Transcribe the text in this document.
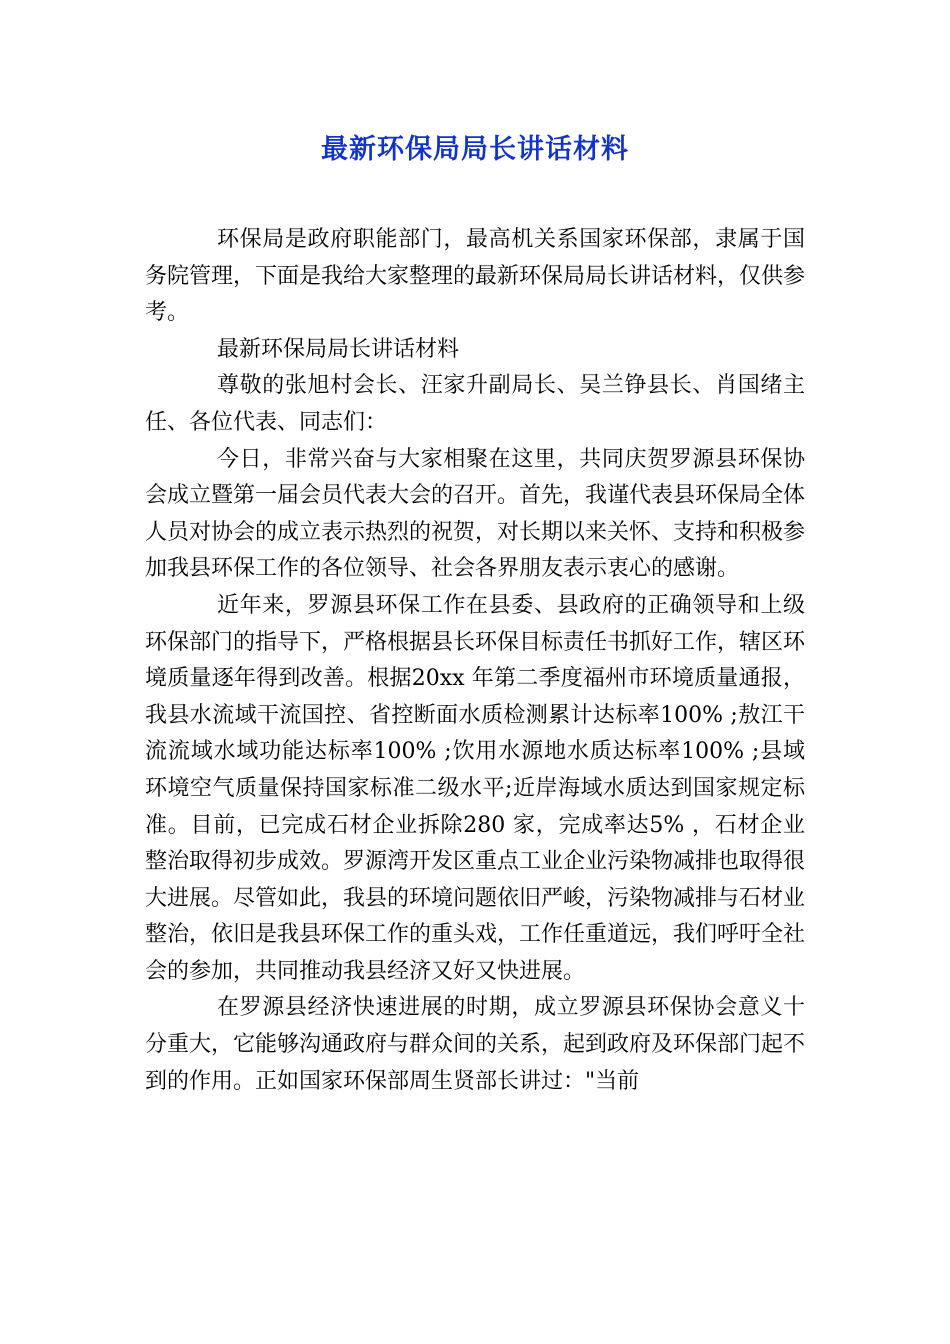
最新环保局局长讲话材料

环保局是政府职能部门，最高机关系国家环保部，隶属于国务院管理，下面是我给大家整理的最新环保局局长讲话材料，仅供参考。

最新环保局局长讲话材料

尊敬的张旭村会长、汪家升副局长、吴兰铮县长、肖国绪主任、各位代表、同志们：

今日，非常兴奋与大家相聚在这里，共同庆贺罗源县环保协会成立暨第一届会员代表大会的召开。首先，我谨代表县环保局全体人员对协会的成立表示热烈的祝贺，对长期以来关怀、支持和积极参加我县环保工作的各位领导、社会各界朋友表示衷心的感谢。

近年来，罗源县环保工作在县委、县政府的正确领导和上级环保部门的指导下，严格根据县长环保目标责任书抓好工作，辖区环境质量逐年得到改善。根据20xx 年第二季度福州市环境质量通报，我县水流域干流国控、省控断面水质检测累计达标率100% ;敖江干流流域水域功能达标率100% ;饮用水源地水质达标率100% ;县域环境空气质量保持国家标准二级水平;近岸海域水质达到国家规定标准。目前，已完成石材企业拆除280 家，完成率达5% ，石材企业整治取得初步成效。罗源湾开发区重点工业企业污染物减排也取得很大进展。尽管如此，我县的环境问题依旧严峻，污染物减排与石材业整治，依旧是我县环保工作的重头戏，工作任重道远，我们呼吁全社会的参加，共同推动我县经济又好又快进展。

在罗源县经济快速进展的时期，成立罗源县环保协会意义十分重大，它能够沟通政府与群众间的关系，起到政府及环保部门起不到的作用。正如国家环保部周生贤部长讲过："当前
